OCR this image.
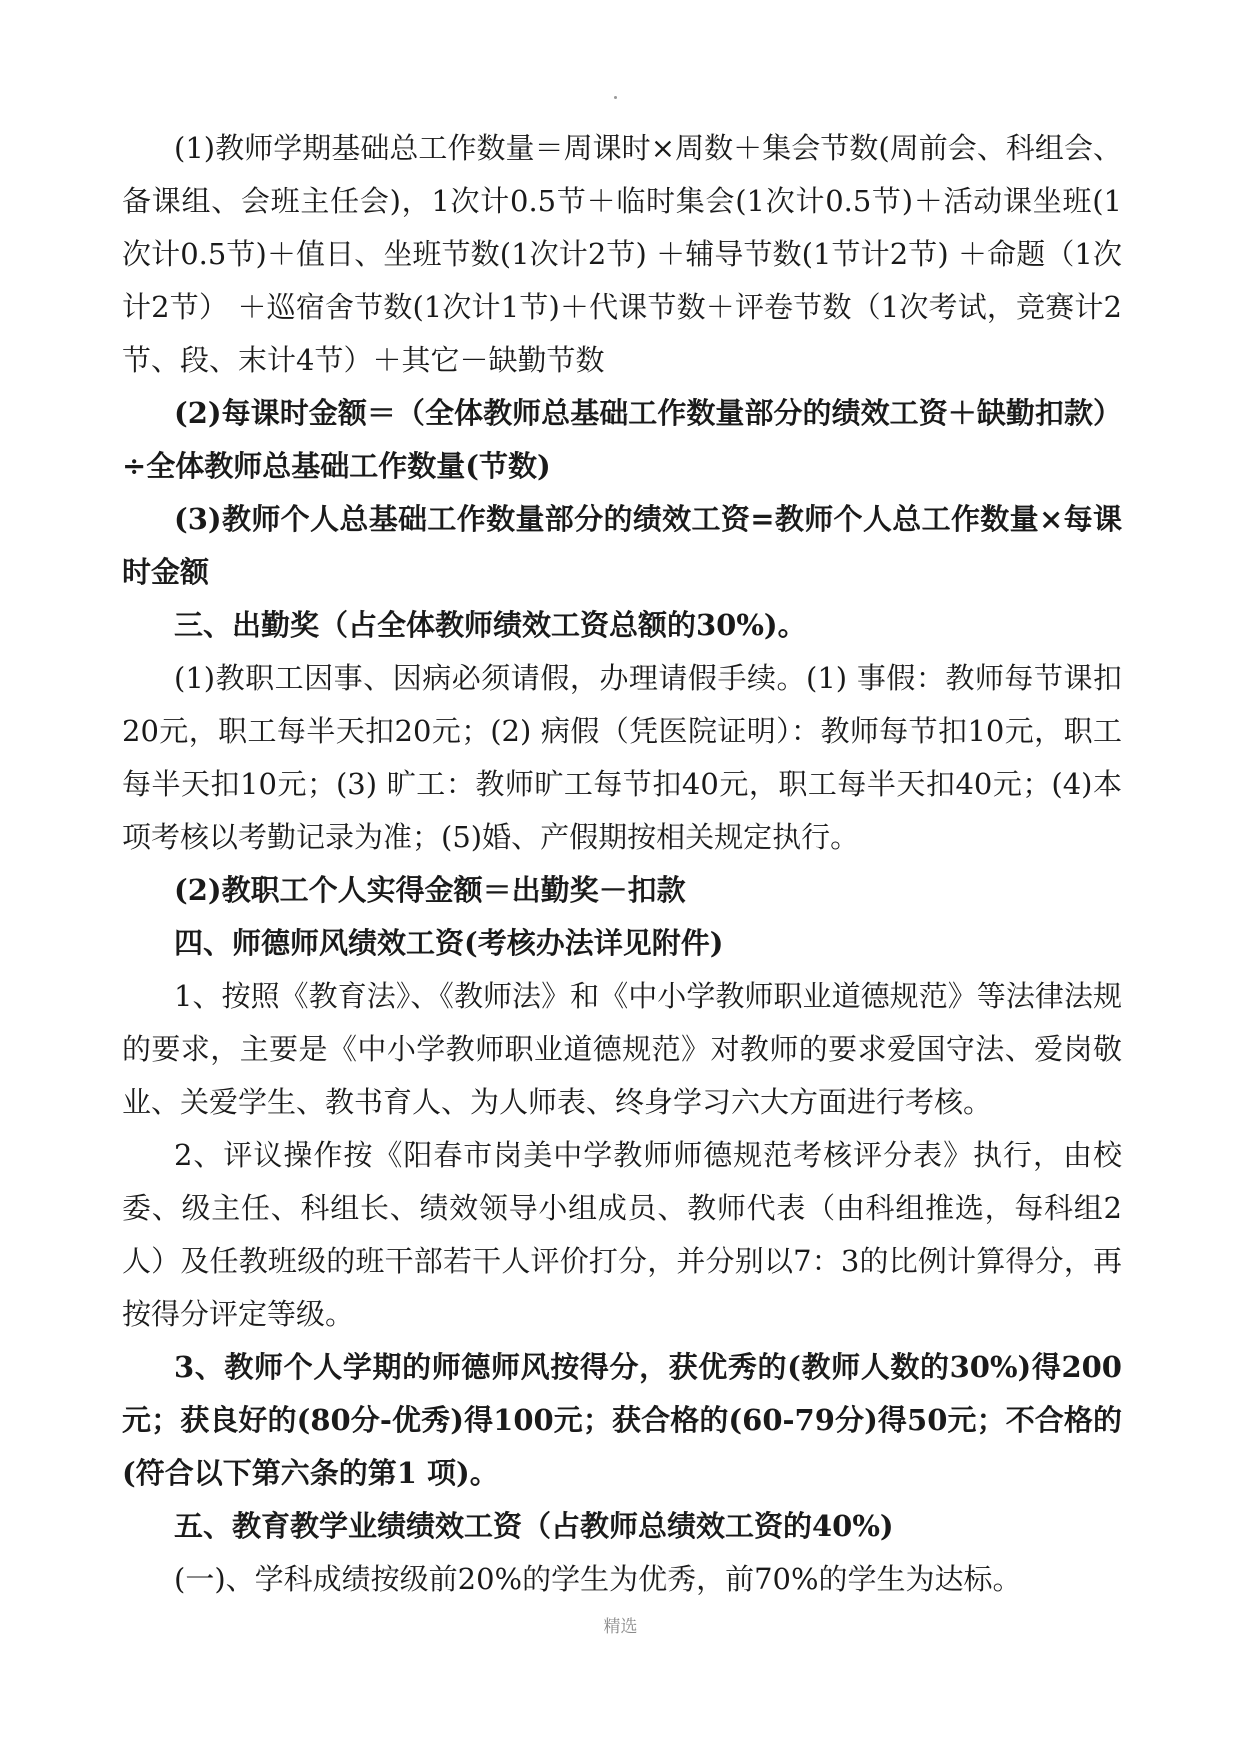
(1)教师学期基础总工作数量＝周课时×周数＋集会节数(周前会、科组会、备课组、会班主任会)，1次计0.5节＋临时集会(1次计0.5节)＋活动课坐班(1次计0.5节)＋值日、坐班节数(1次计2节) ＋辅导节数(1节计2节) ＋命题（1次计2节） ＋巡宿舍节数(1次计1节)＋代课节数＋评卷节数（1次考试，竞赛计2节、段、末计4节）＋其它－缺勤节数

(2)每课时金额＝（全体教师总基础工作数量部分的绩效工资＋缺勤扣款）÷全体教师总基础工作数量(节数)

(3)教师个人总基础工作数量部分的绩效工资=教师个人总工作数量×每课时金额

三、出勤奖（占全体教师绩效工资总额的30%)。

(1)教职工因事、因病必须请假，办理请假手续。(1) 事假：教师每节课扣20元，职工每半天扣20元；(2) 病假（凭医院证明）：教师每节扣10元，职工每半天扣10元；(3) 旷工：教师旷工每节扣40元，职工每半天扣40元；(4)本项考核以考勤记录为准；(5)婚、产假期按相关规定执行。

(2)教职工个人实得金额＝出勤奖－扣款

四、师德师风绩效工资(考核办法详见附件)

1、按照《教育法》、《教师法》和《中小学教师职业道德规范》等法律法规的要求，主要是《中小学教师职业道德规范》对教师的要求爱国守法、爱岗敬业、关爱学生、教书育人、为人师表、终身学习六大方面进行考核。

2、评议操作按《阳春市岗美中学教师师德规范考核评分表》执行，由校委、级主任、科组长、绩效领导小组成员、教师代表（由科组推选，每科组2人）及任教班级的班干部若干人评价打分，并分别以7：3的比例计算得分，再按得分评定等级。

3、教师个人学期的师德师风按得分，获优秀的(教师人数的30%)得200元；获良好的(80分-优秀)得100元；获合格的(60-79分)得50元；不合格的(符合以下第六条的第1 项)。

五、教育教学业绩绩效工资（占教师总绩效工资的40%)

(一)、学科成绩按级前20%的学生为优秀，前70%的学生为达标。

精选
